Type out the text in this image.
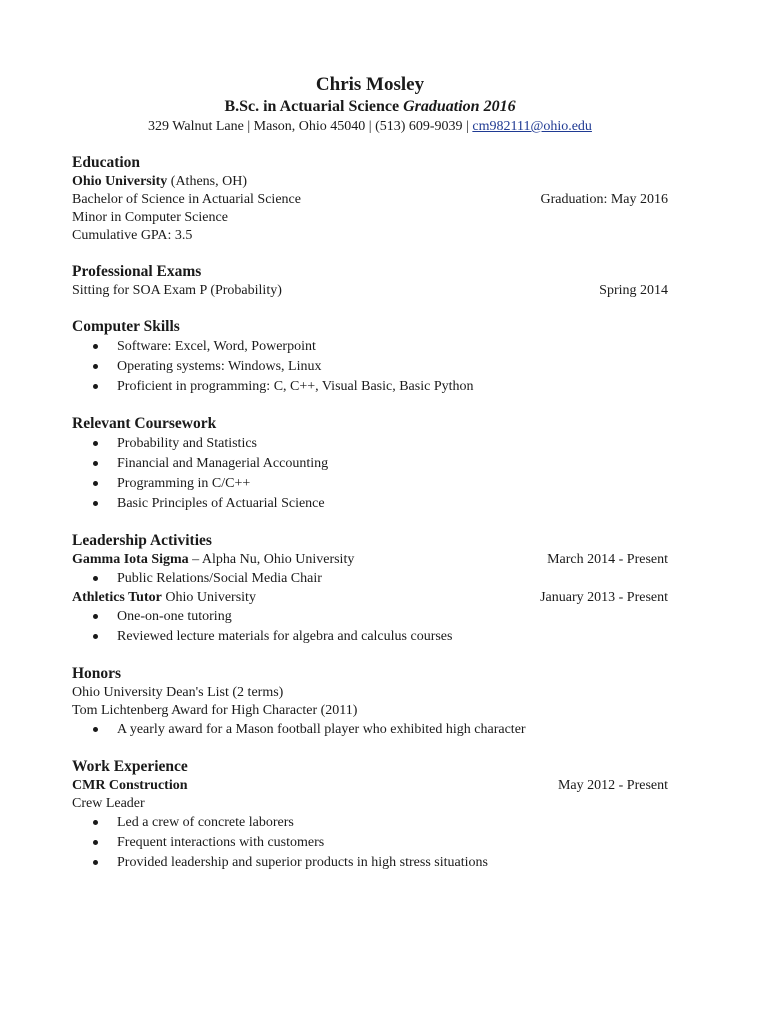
Chris Mosley
B.Sc. in Actuarial Science Graduation 2016
329 Walnut Lane | Mason, Ohio 45040 | (513) 609-9039 | cm982111@ohio.edu
Education
Ohio University (Athens, OH)
Bachelor of Science in Actuarial Science	Graduation: May 2016
Minor in Computer Science
Cumulative GPA: 3.5
Professional Exams
Sitting for SOA Exam P (Probability)	Spring 2014
Computer Skills
Software: Excel, Word, Powerpoint
Operating systems: Windows, Linux
Proficient in programming: C, C++, Visual Basic, Basic Python
Relevant Coursework
Probability and Statistics
Financial and Managerial Accounting
Programming in C/C++
Basic Principles of Actuarial Science
Leadership Activities
Gamma Iota Sigma – Alpha Nu, Ohio University	March 2014 - Present
Public Relations/Social Media Chair
Athletics Tutor Ohio University	January 2013 - Present
One-on-one tutoring
Reviewed lecture materials for algebra and calculus courses
Honors
Ohio University Dean's List (2 terms)
Tom Lichtenberg Award for High Character (2011)
A yearly award for a Mason football player who exhibited high character
Work Experience
CMR Construction	May 2012 - Present
Crew Leader
Led a crew of concrete laborers
Frequent interactions with customers
Provided leadership and superior products in high stress situations
